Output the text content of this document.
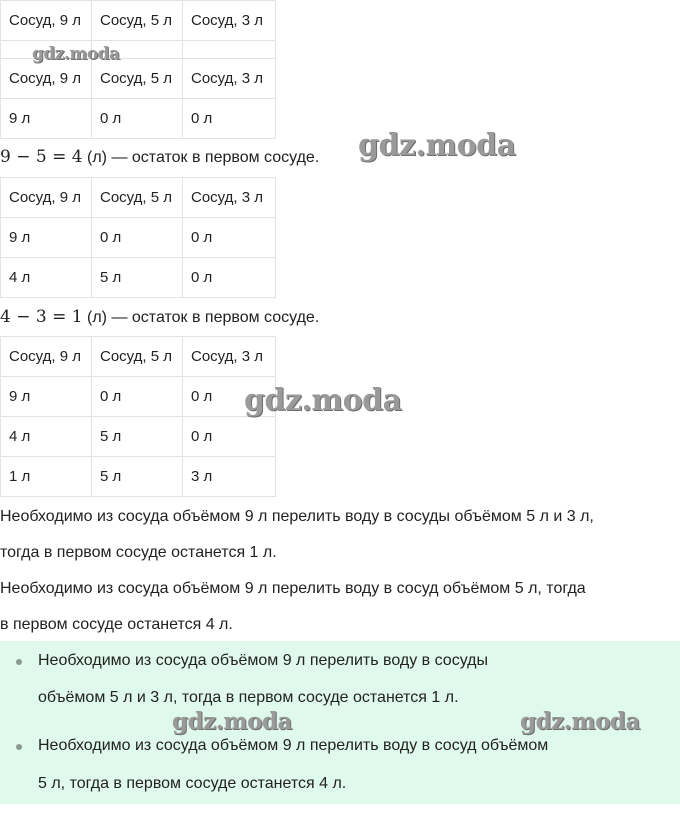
Сосуд, 9 л	Сосуд, 5 л	Сосуд, 3 л

Сосуд, 9 л	Сосуд, 5 л	Сосуд, 3 л
9 л	0 л	0 л
9 − 5 = 4 (л) — остаток в первом сосуде.
Сосуд, 9 л	Сосуд, 5 л	Сосуд, 3 л
9 л	0 л	0 л
4 л	5 л	0 л
4 − 3 = 1 (л) — остаток в первом сосуде.
Сосуд, 9 л	Сосуд, 5 л	Сосуд, 3 л
9 л	0 л	0 л
4 л	5 л	0 л
1 л	5 л	3 л
Необходимо из сосуда объёмом 9 л перелить воду в сосуды объёмом 5 л и 3 л,
тогда в первом сосуде останется 1 л.
Необходимо из сосуда объёмом 9 л перелить воду в сосуд объёмом 5 л, тогда
в первом сосуде останется 4 л.
Необходимо из сосуда объёмом 9 л перелить воду в сосуды
объёмом 5 л и 3 л, тогда в первом сосуде останется 1 л.
Необходимо из сосуда объёмом 9 л перелить воду в сосуд объёмом
5 л, тогда в первом сосуде останется 4 л.
gdz.moda
gdz.moda
gdz.moda
gdz.moda	gdz.moda
